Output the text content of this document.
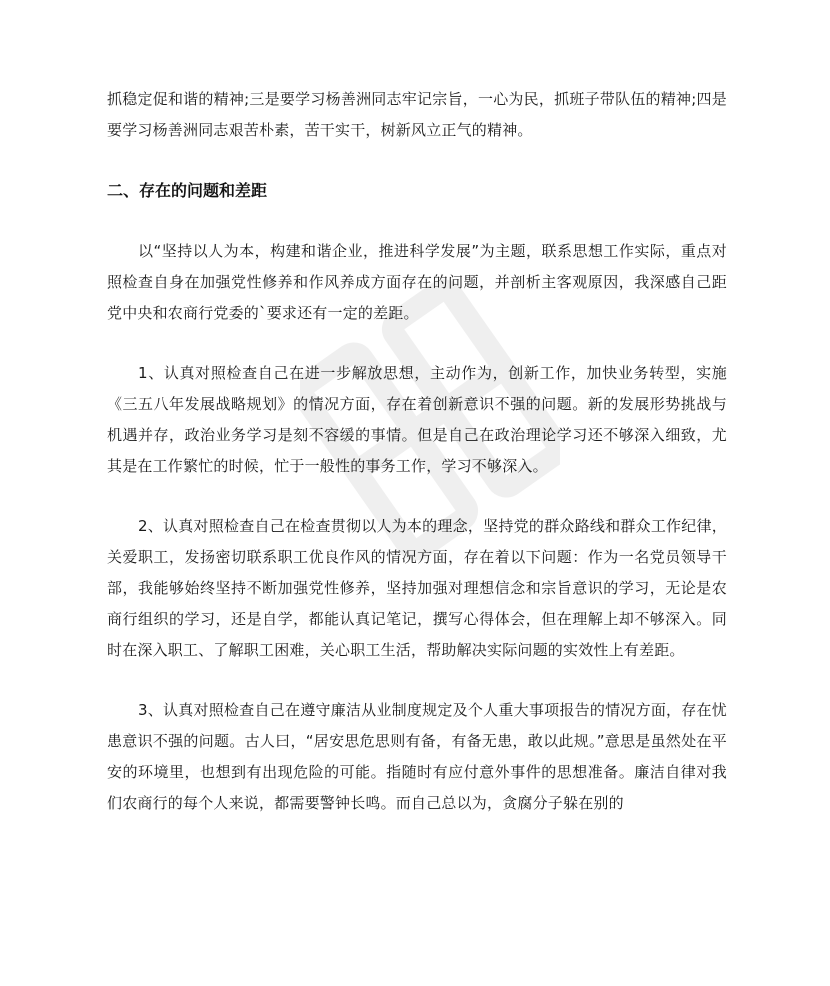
抓稳定促和谐的精神;三是要学习杨善洲同志牢记宗旨，一心为民，抓班子带队伍的精神;四是要学习杨善洲同志艰苦朴素，苦干实干，树新风立正气的精神。

二、存在的问题和差距

以“坚持以人为本，构建和谐企业，推进科学发展”为主题，联系思想工作实际，重点对照检查自身在加强党性修养和作风养成方面存在的问题，并剖析主客观原因，我深感自己距党中央和农商行党委的`要求还有一定的差距。

1、认真对照检查自己在进一步解放思想，主动作为，创新工作，加快业务转型，实施《三五八年发展战略规划》的情况方面，存在着创新意识不强的问题。新的发展形势挑战与机遇并存，政治业务学习是刻不容缓的事情。但是自己在政治理论学习还不够深入细致，尤其是在工作繁忙的时候，忙于一般性的事务工作，学习不够深入。

2、认真对照检查自己在检查贯彻以人为本的理念，坚持党的群众路线和群众工作纪律，关爱职工，发扬密切联系职工优良作风的情况方面，存在着以下问题：作为一名党员领导干部，我能够始终坚持不断加强党性修养，坚持加强对理想信念和宗旨意识的学习，无论是农商行组织的学习，还是自学，都能认真记笔记，撰写心得体会，但在理解上却不够深入。同时在深入职工、了解职工困难，关心职工生活，帮助解决实际问题的实效性上有差距。

3、认真对照检查自己在遵守廉洁从业制度规定及个人重大事项报告的情况方面，存在忧患意识不强的问题。古人曰，“居安思危思则有备，有备无患，敢以此规。”意思是虽然处在平安的环境里，也想到有出现危险的可能。指随时有应付意外事件的思想准备。廉洁自律对我们农商行的每个人来说，都需要警钟长鸣。而自己总以为，贪腐分子躲在别的
